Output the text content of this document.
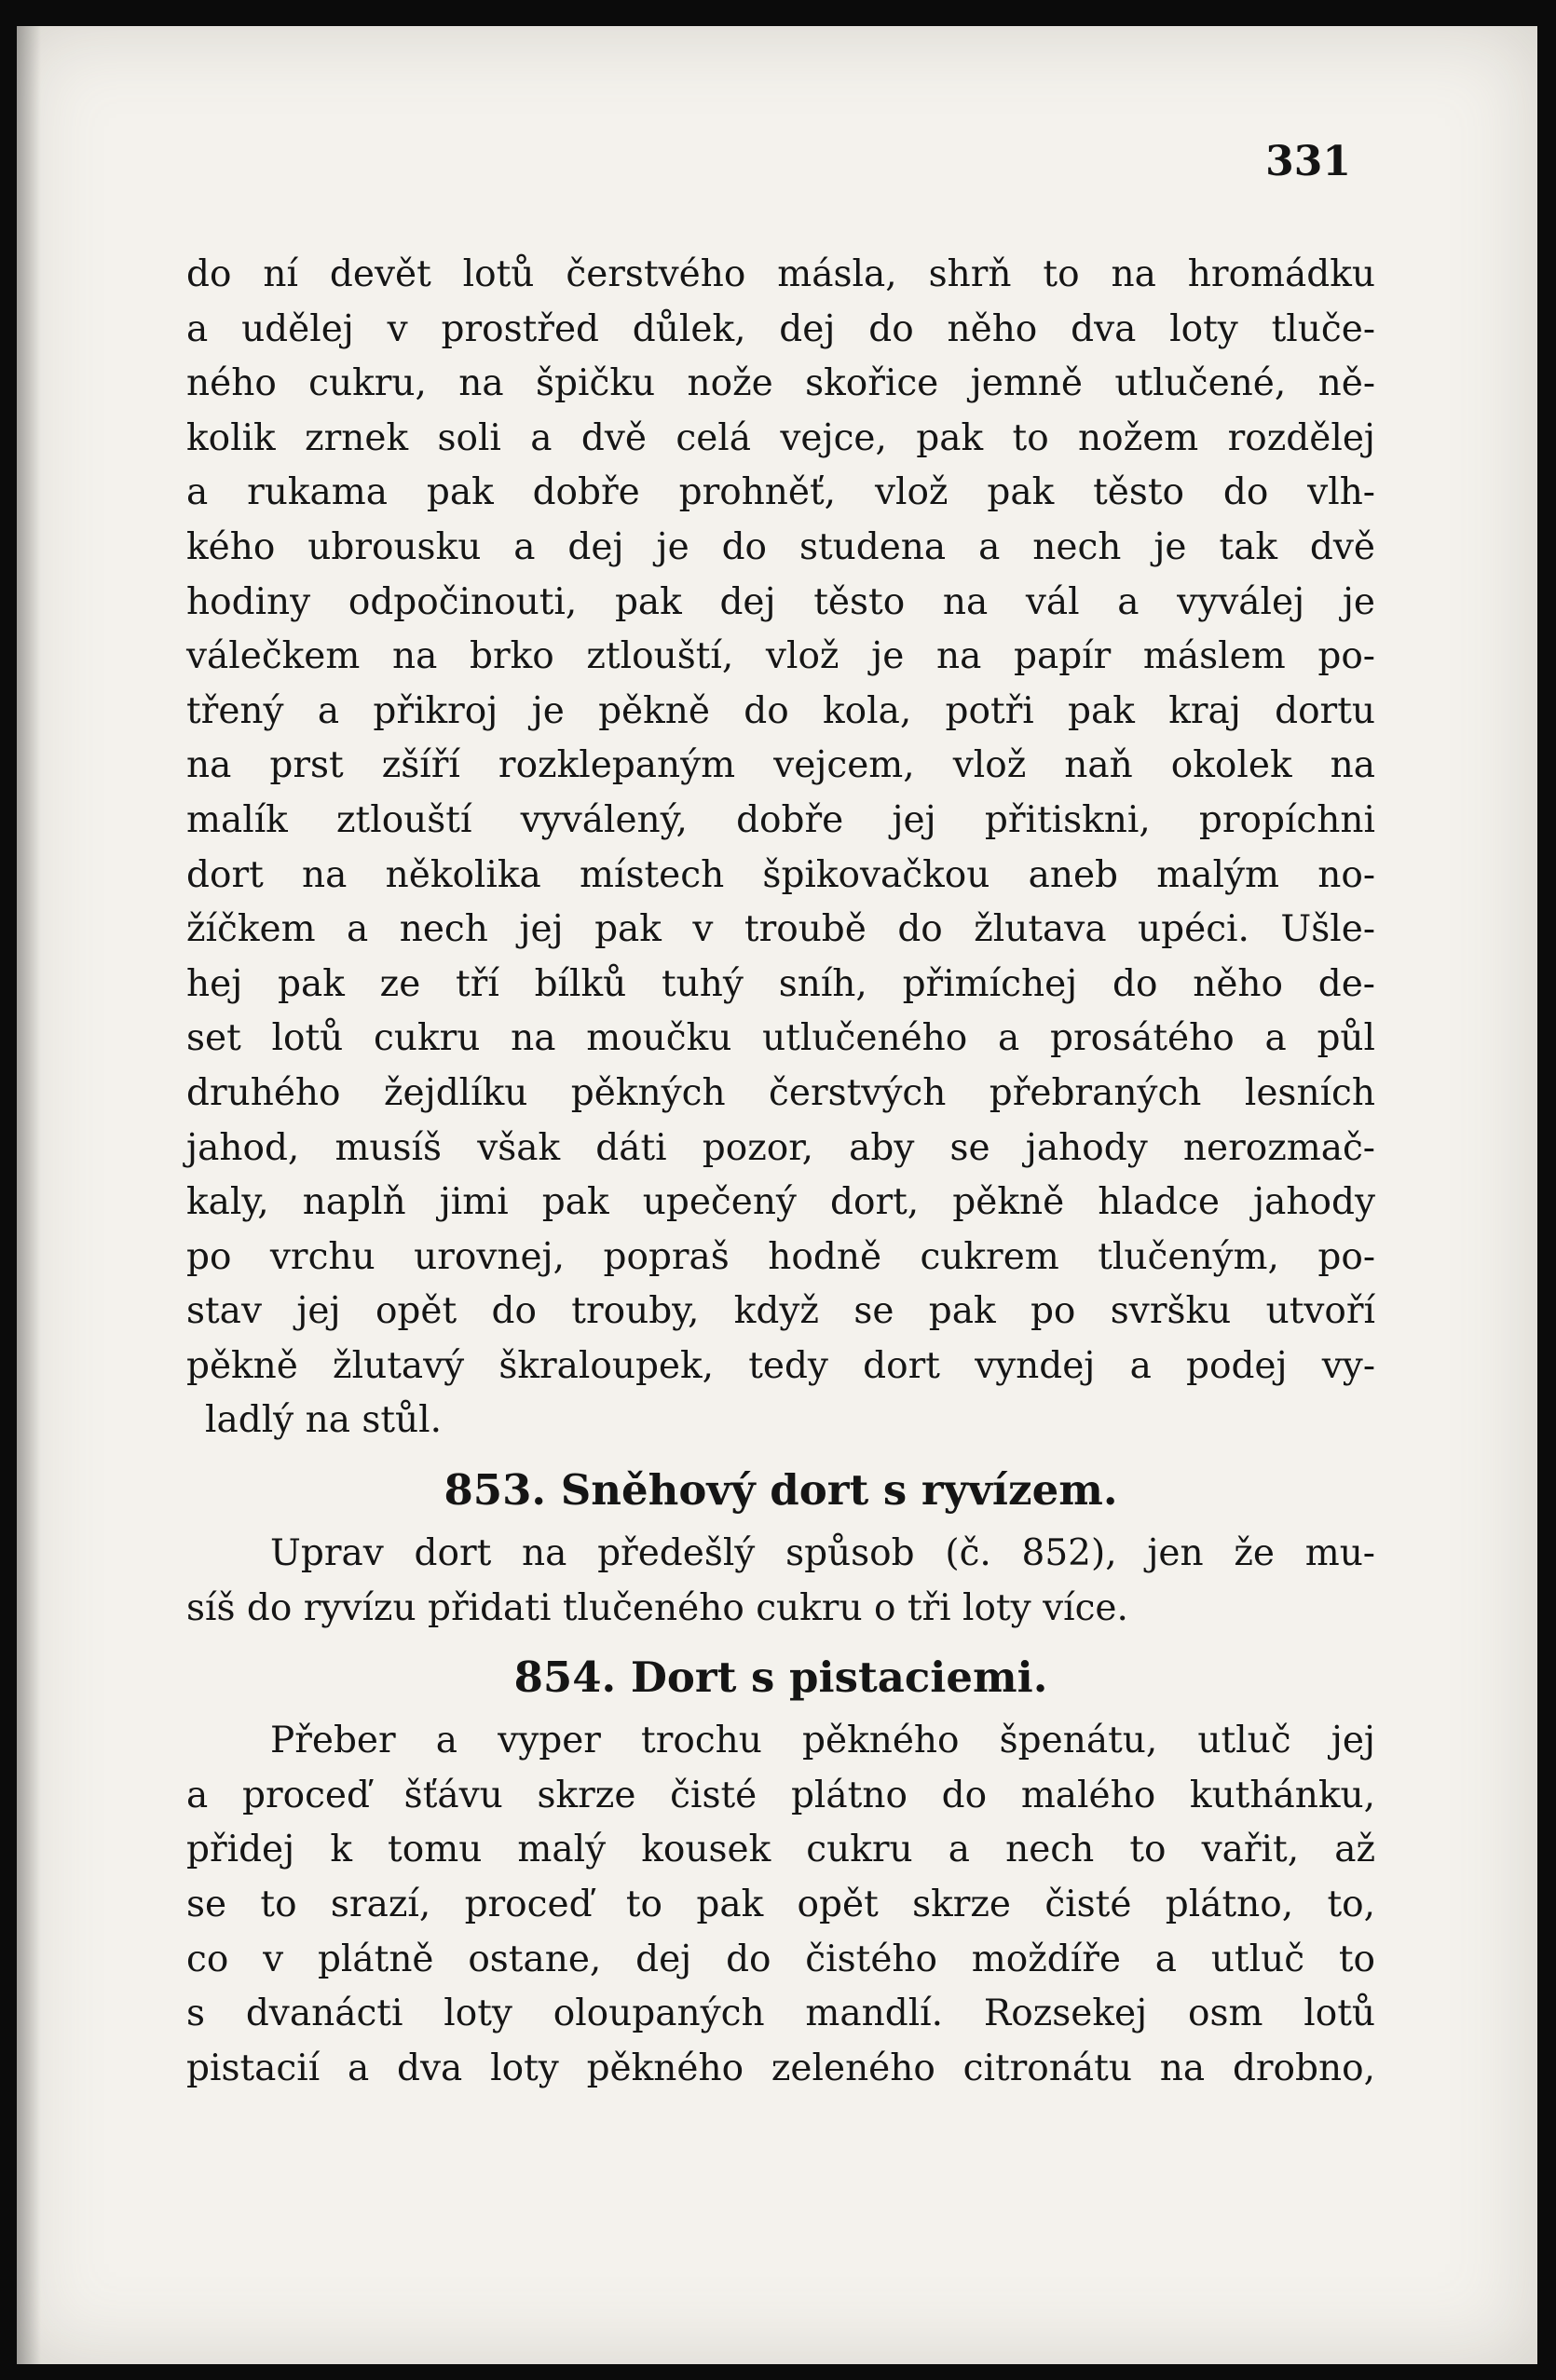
331
do ní devět lotů čerstvého másla, shrň to na hromádku
a udělej v prostřed důlek, dej do něho dva loty tluče-
ného cukru, na špičku nože skořice jemně utlučené, ně-
kolik zrnek soli a dvě celá vejce, pak to nožem rozdělej
a rukama pak dobře prohněť, vlož pak těsto do vlh-
kého ubrousku a dej je do studena a nech je tak dvě
hodiny odpočinouti, pak dej těsto na vál a vyválej je
válečkem na brko ztlouští, vlož je na papír máslem po-
třený a přikroj je pěkně do kola, potři pak kraj dortu
na prst zšíří rozklepaným vejcem, vlož naň okolek na
malík ztlouští vyválený, dobře jej přitiskni, propíchni
dort na několika místech špikovačkou aneb malým no-
žíčkem a nech jej pak v troubě do žlutava upéci. Ušle-
hej pak ze tří bílků tuhý sníh, přimíchej do něho de-
set lotů cukru na moučku utlučeného a prosátého a půl
druhého žejdlíku pěkných čerstvých přebraných lesních
jahod, musíš však dáti pozor, aby se jahody nerozmač-
kaly, naplň jimi pak upečený dort, pěkně hladce jahody
po vrchu urovnej, popraš hodně cukrem tlučeným, po-
stav jej opět do trouby, když se pak po svršku utvoří
pěkně žlutavý škraloupek, tedy dort vyndej a podej vy-
ladlý na stůl.
853. Sněhový dort s ryvízem.
Uprav dort na předešlý spůsob (č. 852), jen že mu-
síš do ryvízu přidati tlučeného cukru o tři loty více.
854. Dort s pistaciemi.
Přeber a vyper trochu pěkného špenátu, utluč jej
a proceď šťávu skrze čisté plátno do malého kuthánku,
přidej k tomu malý kousek cukru a nech to vařit, až
se to srazí, proceď to pak opět skrze čisté plátno, to,
co v plátně ostane, dej do čistého moždíře a utluč to
s dvanácti loty oloupaných mandlí. Rozsekej osm lotů
pistacií a dva loty pěkného zeleného citronátu na drobno,
